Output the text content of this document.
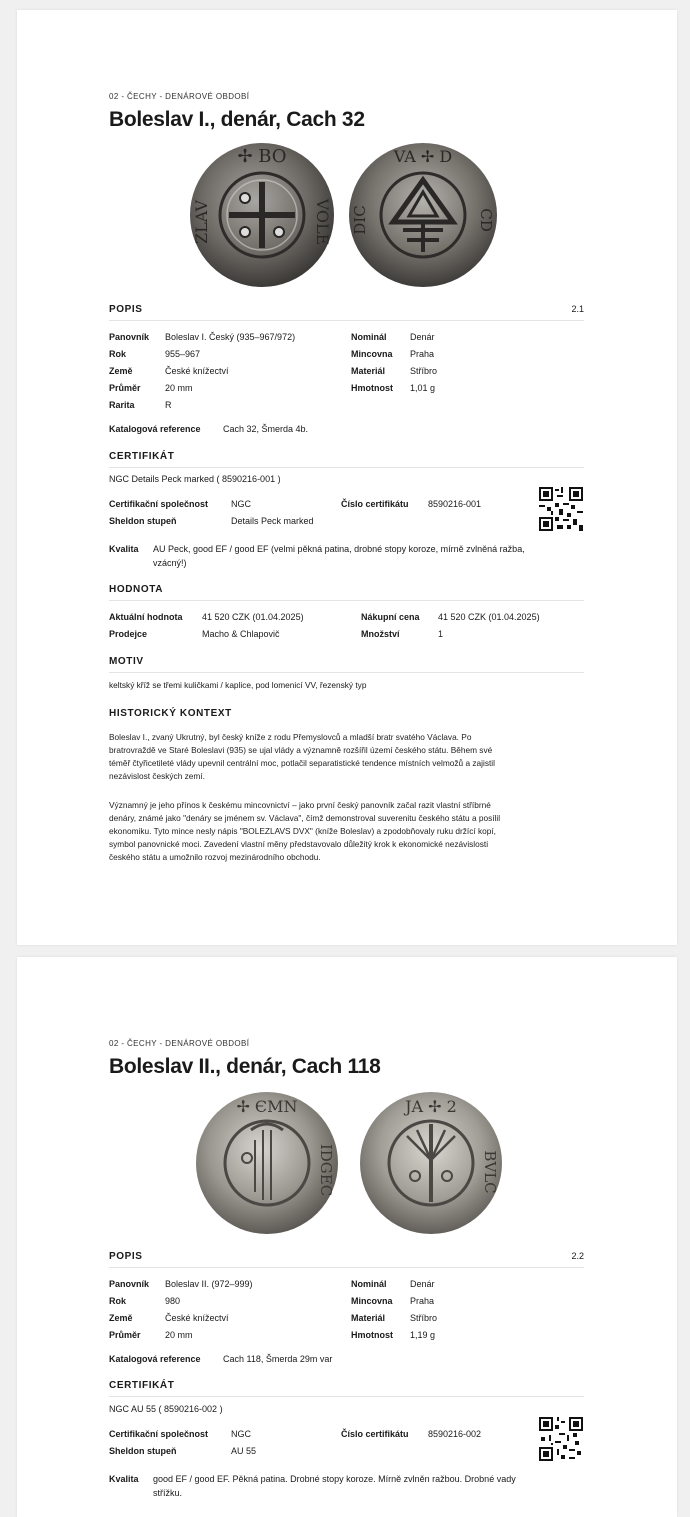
02 - ČECHY - DENÁROVÉ OBDOBÍ
Boleslav I., denár, Cach 32
✢ BO
VOLE
ZLAV
VA ✢ D
CD
DIC
POPIS	2.1
Panovník Boleslav I. Český (935–967/972)
Rok	955–967
Země	České knížectví
Průměr	20 mm
Rarita	R
Nominál	Denár
Mincovna Praha
Materiál	Stříbro
Hmotnost 1,01 g
Katalogová reference Cach 32, Šmerda 4b.
CERTIFIKÁT
NGC Details Peck marked ( 8590216-001 )
Certifikační společnost	NGC	Číslo certifikátu 8590216-001
Sheldon stupeň	Details Peck marked
Kvalita AU Peck, good EF / good EF (velmi pěkná patina, drobné stopy koroze, mírně zvlněná ražba,
vzácný!)
HODNOTA
Aktuální hodnota 41 520 CZK (01.04.2025)	Nákupní cena 41 520 CZK (01.04.2025)
Prodejce	Macho & Chlapovič	Množství	1
MOTIV
keltský kříž se třemi kuličkami / kaplice, pod lomenicí VV, řezenský typ
HISTORICKÝ KONTEXT
Boleslav I., zvaný Ukrutný, byl český kníže z rodu Přemyslovců a mladší bratr svatého Václava. Po
bratrovraždě ve Staré Boleslavi (935) se ujal vlády a významně rozšířil území českého státu. Během své
téměř čtyřicetileté vlády upevnil centrální moc, potlačil separatistické tendence místních velmožů a zajistil
nezávislost českých zemí.
Významný je jeho přínos k českému mincovnictví – jako první český panovník začal razit vlastní stříbrné
denáry, známé jako "denáry se jménem sv. Václava", čímž demonstroval suverenitu českého státu a posílil
ekonomiku. Tyto mince nesly nápis "BOLEZLAVS DVX" (kníže Boleslav) a zpodobňovaly ruku držící kopí,
symbol panovnické moci. Zavedení vlastní měny představovalo důležitý krok k ekonomické nezávislosti
českého státu a umožnilo rozvoj mezinárodního obchodu.
02 - ČECHY - DENÁROVÉ OBDOBÍ
Boleslav II., denár, Cach 118
✢ ЄMN
IDGEC
JA ✢ 2
BVLC
POPIS	2.2
Panovník Boleslav II. (972–999)
Rok	980
Země	České knížectví
Průměr	20 mm
Nominál	Denár
Mincovna Praha
Materiál	Stříbro
Hmotnost 1,19 g
Katalogová reference Cach 118, Šmerda 29m var
CERTIFIKÁT
NGC AU 55 ( 8590216-002 )
Certifikační společnost	NGC	Číslo certifikátu 8590216-002
Sheldon stupeň	AU 55
Kvalita good EF / good EF. Pěkná patina. Drobné stopy koroze. Mírně zvlněn ražbou. Drobné vady
střížku.
